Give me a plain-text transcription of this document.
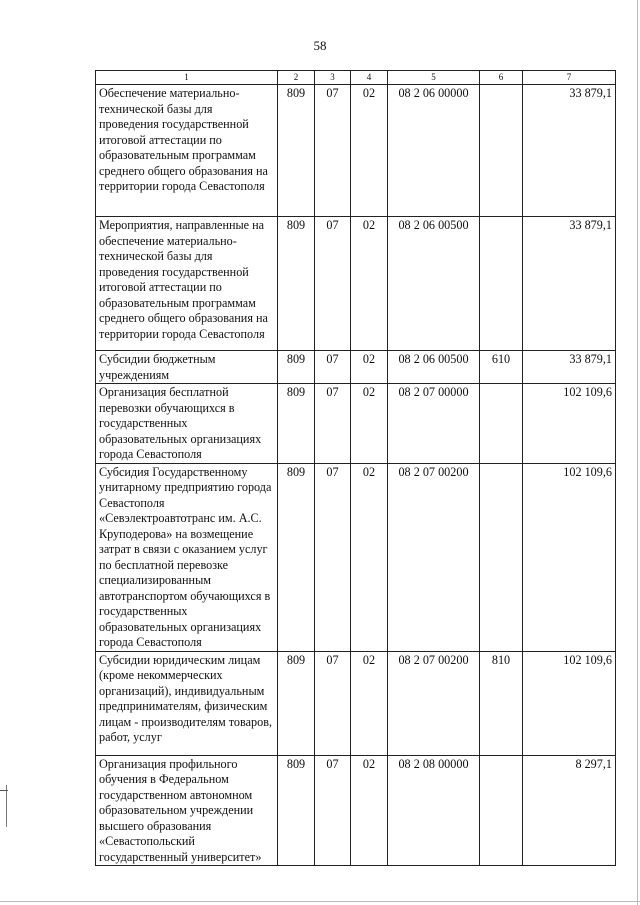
58
1	2	3	4	5	6	7
Обеспечение материально-технической базы для проведения государственной итоговой аттестации по образовательным программам среднего общего образования на территории города Севастополя	809	07	02	08 2 06 00000		33 879,1
Мероприятия, направленные на обеспечение материально-технической базы для проведения государственной итоговой аттестации по образовательным программам среднего общего образования на территории города Севастополя	809	07	02	08 2 06 00500		33 879,1
Субсидии бюджетным учреждениям	809	07	02	08 2 06 00500	610	33 879,1
Организация бесплатной перевозки обучающихся в государственных образовательных организациях города Севастополя	809	07	02	08 2 07 00000		102 109,6
Субсидия Государственному унитарному предприятию города Севастополя «Севэлектроавтотранс им. А.С. Круподерова» на возмещение затрат в связи с оказанием услуг по бесплатной перевозке специализированным автотранспортом обучающихся в государственных образовательных организациях города Севастополя	809	07	02	08 2 07 00200		102 109,6
Субсидии юридическим лицам (кроме некоммерческих организаций), индивидуальным предпринимателям, физическим лицам - производителям товаров, работ, услуг	809	07	02	08 2 07 00200	810	102 109,6
Организация профильного обучения в Федеральном государственном автономном образовательном учреждении высшего образования «Севастопольский государственный университет»	809	07	02	08 2 08 00000		8 297,1
